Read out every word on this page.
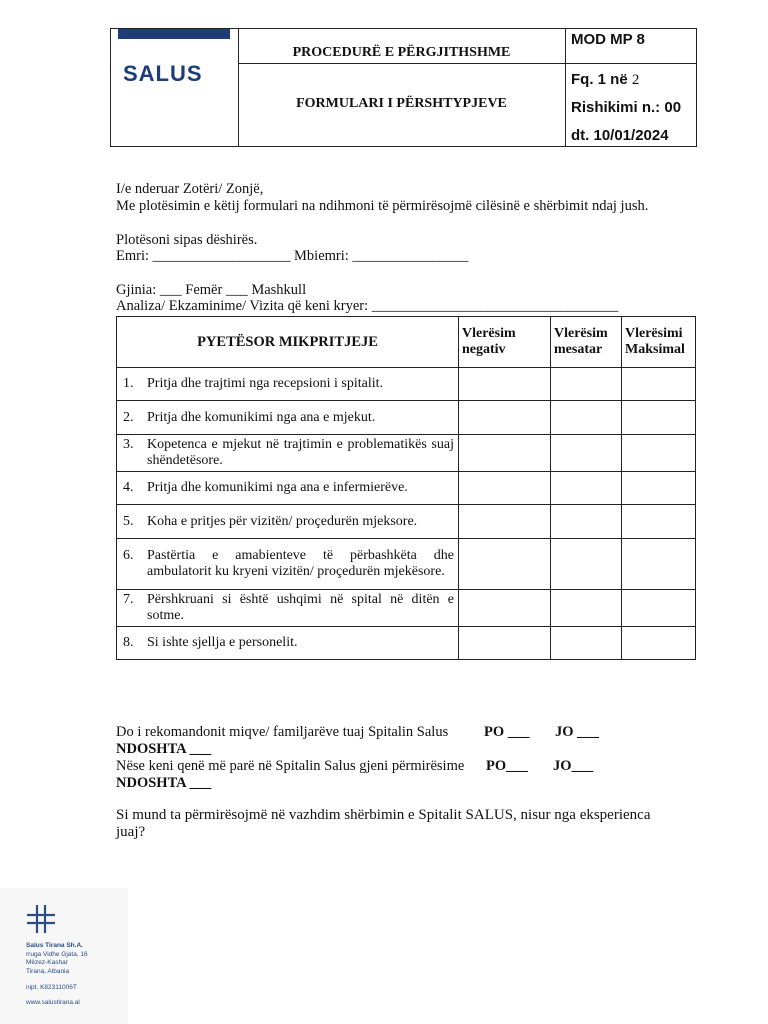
SALUS
PROCEDURË E PËRGJITHSHME
FORMULARI I PËRSHTYPJEVE
MOD MP 8
Fq. 1 në 2
Rishikimi n.: 00
dt. 10/01/2024
I/e nderuar Zotëri/ Zonjë,
Me plotësimin e këtij formulari na ndihmoni të përmirësojmë cilësinë e shërbimit ndaj jush.
Plotësoni sipas dëshirës.
Emri: ___________________ Mbiemri: ________________
Gjinia: ___ Femër ___ Mashkull
Analiza/ Ekzaminime/ Vizita që keni kryer: __________________________________
PYETËSOR MIKPRITJEJE	Vlerësim negativ	Vlerësim mesatar	Vlerësimi Maksimal

1. Pritja dhe trajtimi nga recepsioni i spitalit.			

2. Pritja dhe komunikimi nga ana e mjekut.			

3. Kopetenca e mjekut në trajtimin e problematikës suaj shëndetësore.			

4. Pritja dhe komunikimi nga ana e infermierëve.			

5. Koha e pritjes për vizitën/ proçedurën mjeksore.			

6. Pastërtia e amabienteve të përbashkëta dhe ambulatorit ku kryeni vizitën/ proçedurën mjekësore.			

7. Përshkruani si është ushqimi në spital në ditën e sotme.			

8. Si ishte sjellja e personelit.			

Do i rekomandonit miqve/ familjarëve tuaj Spitalin Salus PO ___ JO ___
NDOSHTA ___
Nëse keni qenë më parë në Spitalin Salus gjeni përmirësime PO___ JO___
NDOSHTA ___
Si mund ta përmirësojmë në vazhdim shërbimin e Spitalit SALUS, nisur nga eksperienca
juaj?
Salus Tirana Sh.A.
rruga Vidhe Gjata, 16
Mëzez-Kashar
Tirana, Albania
nipt. K82311006T
www.salustirana.al
